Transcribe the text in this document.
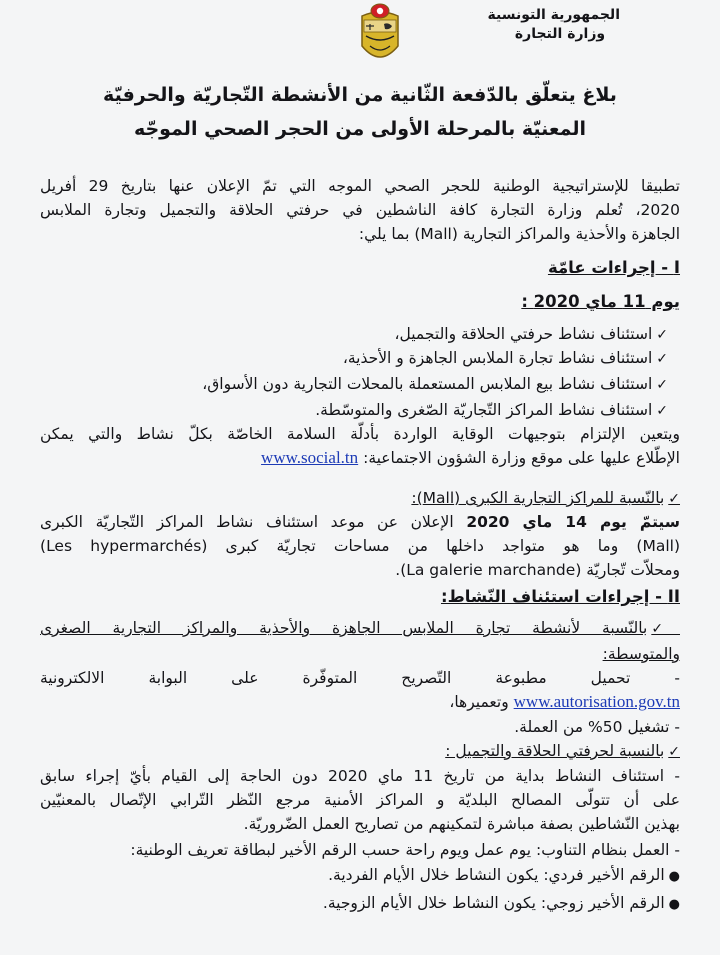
الجمهورية التونسية
وزارة التجارة
بلاغ يتعلّق بالدّفعة الثّانية من الأنشطة التّجاريّة والحرفيّة
المعنيّة بالمرحلة الأولى من الحجر الصحي الموجّه
تطبيقا للإستراتيجية الوطنية للحجر الصحي الموجه التي تمّ الإعلان عنها بتاريخ 29 أفريل
2020، تُعلم وزارة التجارة كافة الناشطين في حرفتي الحلاقة والتجميل وتجارة الملابس
الجاهزة والأحذية والمراكز التجارية (Mall) بما يلي:
I - إجراءات عامّة
يوم 11 ماي 2020 :
✓استئناف نشاط حرفتي الحلاقة والتجميل،
✓استئناف نشاط تجارة الملابس الجاهزة و الأحذية،
✓استئناف نشاط بيع الملابس المستعملة بالمحلات التجارية دون الأسواق،
✓استئناف نشاط المراكز التّجاريّة الصّغرى والمتوسّطة.
ويتعين الإلتزام بتوجيهات الوقاية الواردة بأدلّة السلامة الخاصّة بكلّ نشاط والتي يمكن
الإطّلاع عليها على موقع وزارة الشؤون الاجتماعية: www.social.tn
✓بالنّسبة للمراكز التجارية الكبرى (Mall):
سيتمّ يوم 14 ماي 2020 الإعلان عن موعد استئناف نشاط المراكز التّجاريّة الكبرى
(Mall) وما هو متواجد داخلها من مساحات تجاريّة كبرى (Les hypermarchés)
ومحلاّت تّجاريّة (La galerie marchande).
II - إجراءات استئناف النّشاط:
✓بالنّسبة لأنشطة تجارة الملابس الجاهزة والأحذية والمراكز التجارية الصغرى
والمتوسطة:
- تحميل مطبوعة التّصريح المتوفّرة على البوابة الالكترونية
www.autorisation.gov.tn وتعميرها،
- تشغيل 50% من العملة.
✓بالنسبة لحرفتي الحلاقة والتجميل :
- استئناف النشاط بداية من تاريخ 11 ماي 2020 دون الحاجة إلى القيام بأيّ إجراء سابق
على أن تتولّى المصالح البلديّة و المراكز الأمنية مرجع النّظر التّرابي الإتّصال بالمعنيّين
بهذين النّشاطين بصفة مباشرة لتمكينهم من تصاريح العمل الضّروريّة.
- العمل بنظام التناوب: يوم عمل ويوم راحة حسب الرقم الأخير لبطاقة تعريف الوطنية:
●الرقم الأخير فردي: يكون النشاط خلال الأيام الفردية.
●الرقم الأخير زوجي: يكون النشاط خلال الأيام الزوجية.
